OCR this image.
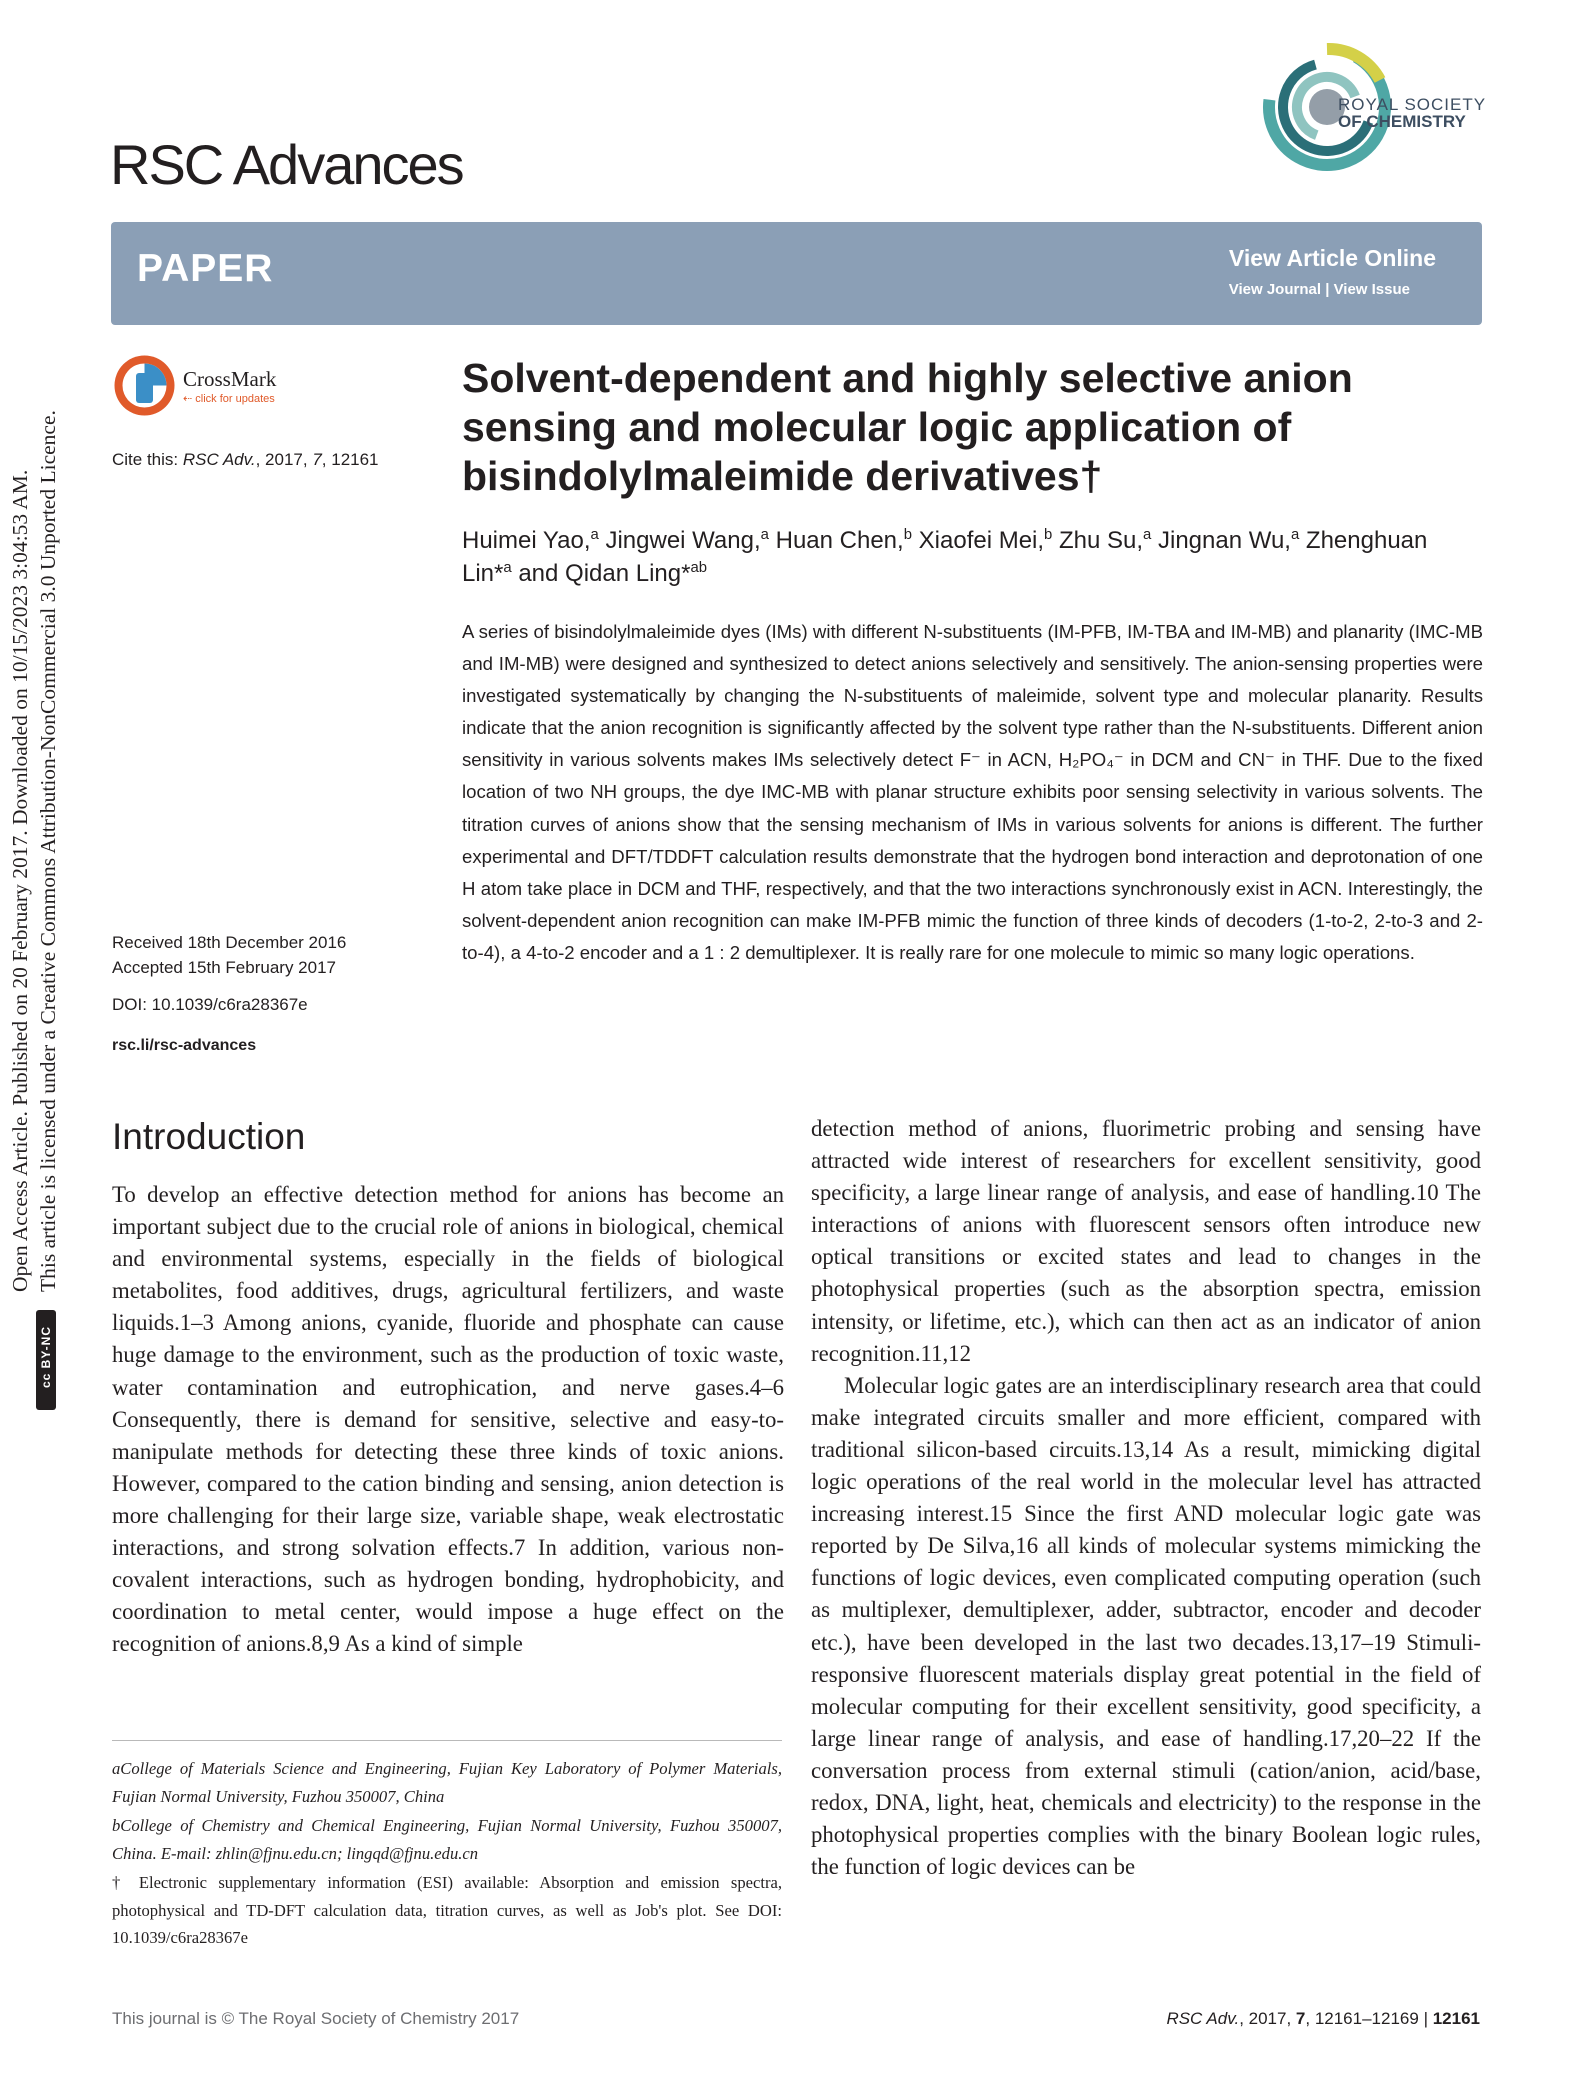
Open Access Article. Published on 20 February 2017. Downloaded on 10/15/2023 3:04:53 AM. This article is licensed under a Creative Commons Attribution-NonCommercial 3.0 Unported Licence.
cc BY-NC
RSC Advances
ROYAL SOCIETY
OF CHEMISTRY
PAPER	View Article Online
View Journal | View Issue
CrossMark
⇠ click for updates
Cite this: RSC Adv., 2017, 7, 12161
Received 18th December 2016
Accepted 15th February 2017
DOI: 10.1039/c6ra28367e
rsc.li/rsc-advances
Solvent-dependent and highly selective anion sensing and molecular logic application of bisindolylmaleimide derivatives†
Huimei Yao,$^a$ Jingwei Wang,$^a$ Huan Chen,$^b$ Xiaofei Mei,$^b$ Zhu Su,$^a$ Jingnan Wu,$^a$ Zhenghuan Lin*$^a$ and Qidan Ling*$^{ab}$
A series of bisindolylmaleimide dyes (IMs) with different N-substituents (IM-PFB, IM-TBA and IM-MB) and planarity (IMC-MB and IM-MB) were designed and synthesized to detect anions selectively and sensitively. The anion-sensing properties were investigated systematically by changing the N-substituents of maleimide, solvent type and molecular planarity. Results indicate that the anion recognition is significantly affected by the solvent type rather than the N-substituents. Different anion sensitivity in various solvents makes IMs selectively detect F⁻ in ACN, H₂PO₄⁻ in DCM and CN⁻ in THF. Due to the fixed location of two NH groups, the dye IMC-MB with planar structure exhibits poor sensing selectivity in various solvents. The titration curves of anions show that the sensing mechanism of IMs in various solvents for anions is different. The further experimental and DFT/TDDFT calculation results demonstrate that the hydrogen bond interaction and deprotonation of one H atom take place in DCM and THF, respectively, and that the two interactions synchronously exist in ACN. Interestingly, the solvent-dependent anion recognition can make IM-PFB mimic the function of three kinds of decoders (1-to-2, 2-to-3 and 2-to-4), a 4-to-2 encoder and a 1 : 2 demultiplexer. It is really rare for one molecule to mimic so many logic operations.
Introduction

To develop an effective detection method for anions has become an important subject due to the crucial role of anions in biological, chemical and environmental systems, especially in the fields of biological metabolites, food additives, drugs, agricultural fertilizers, and waste liquids.1–3 Among anions, cyanide, fluoride and phosphate can cause huge damage to the environment, such as the production of toxic waste, water contamination and eutrophication, and nerve gases.4–6 Consequently, there is demand for sensitive, selective and easy-to-manipulate methods for detecting these three kinds of toxic anions. However, compared to the cation binding and sensing, anion detection is more challenging for their large size, variable shape, weak electrostatic interactions, and strong solvation effects.7 In addition, various non-covalent interactions, such as hydrogen bonding, hydrophobicity, and coordination to metal center, would impose a huge effect on the recognition of anions.8,9 As a kind of simple

detection method of anions, fluorimetric probing and sensing have attracted wide interest of researchers for excellent sensitivity, good specificity, a large linear range of analysis, and ease of handling.10 The interactions of anions with fluorescent sensors often introduce new optical transitions or excited states and lead to changes in the photophysical properties (such as the absorption spectra, emission intensity, or lifetime, etc.), which can then act as an indicator of anion recognition.11,12

Molecular logic gates are an interdisciplinary research area that could make integrated circuits smaller and more efficient, compared with traditional silicon-based circuits.13,14 As a result, mimicking digital logic operations of the real world in the molecular level has attracted increasing interest.15 Since the first AND molecular logic gate was reported by De Silva,16 all kinds of molecular systems mimicking the functions of logic devices, even complicated computing operation (such as multiplexer, demultiplexer, adder, subtractor, encoder and decoder etc.), have been developed in the last two decades.13,17–19 Stimuli-responsive fluorescent materials display great potential in the field of molecular computing for their excellent sensitivity, good specificity, a large linear range of analysis, and ease of handling.17,20–22 If the conversation process from external stimuli (cation/anion, acid/base, redox, DNA, light, heat, chemicals and electricity) to the response in the photophysical properties complies with the binary Boolean logic rules, the function of logic devices can be

aCollege of Materials Science and Engineering, Fujian Key Laboratory of Polymer Materials, Fujian Normal University, Fuzhou 350007, China

bCollege of Chemistry and Chemical Engineering, Fujian Normal University, Fuzhou 350007, China. E-mail: zhlin@fjnu.edu.cn; lingqd@fjnu.edu.cn

† Electronic supplementary information (ESI) available: Absorption and emission spectra, photophysical and TD-DFT calculation data, titration curves, as well as Job's plot. See DOI: 10.1039/c6ra28367e

This journal is © The Royal Society of Chemistry 2017	RSC Adv., 2017, 7, 12161–12169 | 12161
